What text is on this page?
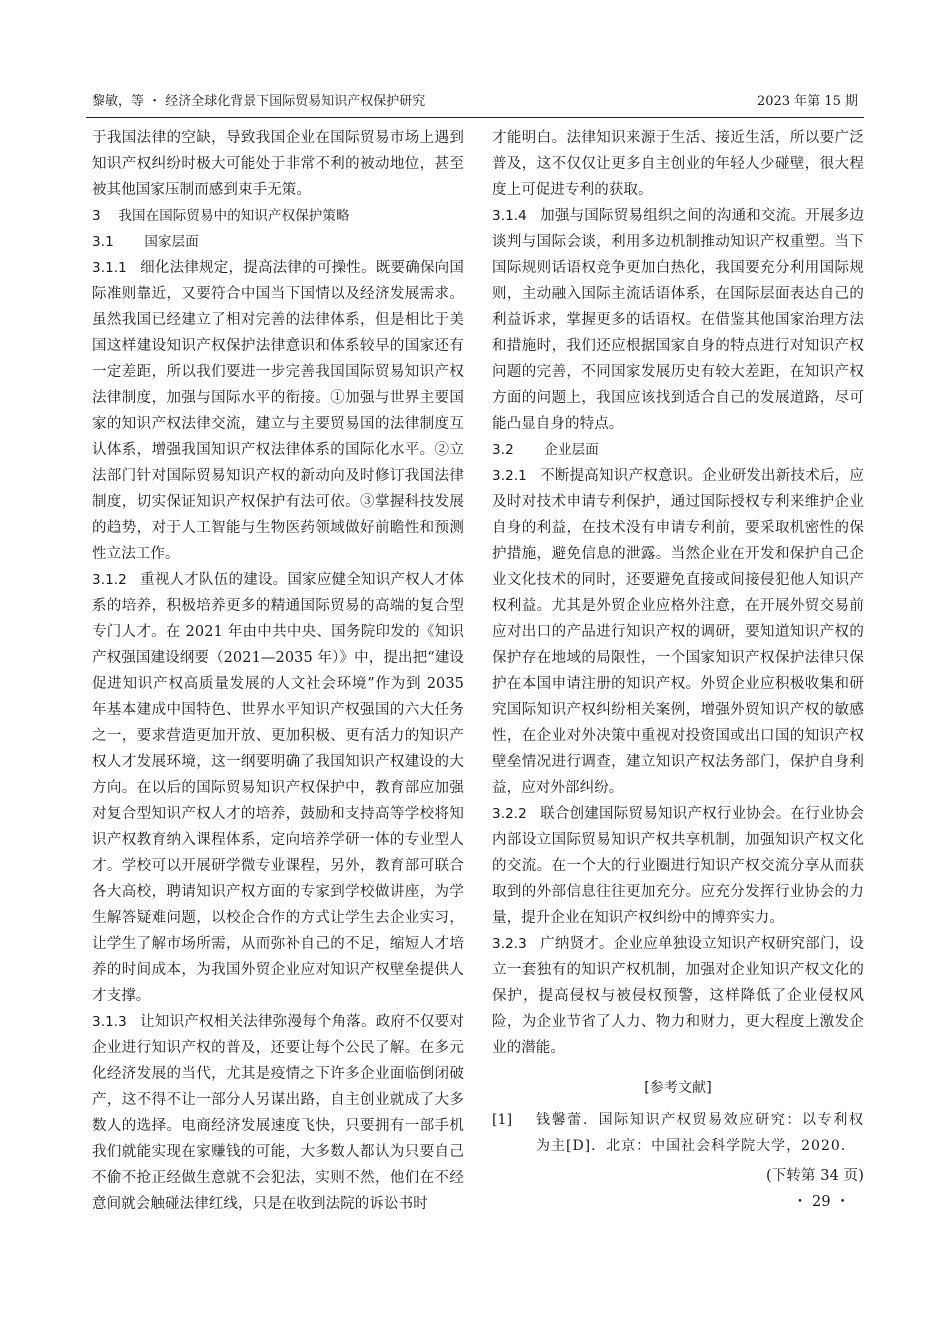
黎敏，等 ・ 经济全球化背景下国际贸易知识产权保护研究	2023 年第 15 期

于我国法律的空缺，导致我国企业在国际贸易市场上遇到知识产权纠纷时极大可能处于非常不利的被动地位，甚至被其他国家压制而感到束手无策。

3 我国在国际贸易中的知识产权保护策略

3.1 国家层面

3.1.1 细化法律规定，提高法律的可操性。既要确保向国际准则靠近，又要符合中国当下国情以及经济发展需求。虽然我国已经建立了相对完善的法律体系，但是相比于美国这样建设知识产权保护法律意识和体系较早的国家还有一定差距，所以我们要进一步完善我国国际贸易知识产权法律制度，加强与国际水平的衔接。①加强与世界主要国家的知识产权法律交流，建立与主要贸易国的法律制度互认体系，增强我国知识产权法律体系的国际化水平。②立法部门针对国际贸易知识产权的新动向及时修订我国法律制度，切实保证知识产权保护有法可依。③掌握科技发展的趋势，对于人工智能与生物医药领域做好前瞻性和预测性立法工作。

3.1.2 重视人才队伍的建设。国家应健全知识产权人才体系的培养，积极培养更多的精通国际贸易的高端的复合型专门人才。在 2021 年由中共中央、国务院印发的《知识产权强国建设纲要（2021—2035 年）》中，提出把“建设促进知识产权高质量发展的人文社会环境”作为到 2035 年基本建成中国特色、世界水平知识产权强国的六大任务之一，要求营造更加开放、更加积极、更有活力的知识产权人才发展环境，这一纲要明确了我国知识产权建设的大方向。在以后的国际贸易知识产权保护中，教育部应加强对复合型知识产权人才的培养，鼓励和支持高等学校将知识产权教育纳入课程体系，定向培养学研一体的专业型人才。学校可以开展研学微专业课程，另外，教育部可联合各大高校，聘请知识产权方面的专家到学校做讲座，为学生解答疑难问题，以校企合作的方式让学生去企业实习，让学生了解市场所需，从而弥补自己的不足，缩短人才培养的时间成本，为我国外贸企业应对知识产权壁垒提供人才支撑。

3.1.3 让知识产权相关法律弥漫每个角落。政府不仅要对企业进行知识产权的普及，还要让每个公民了解。在多元化经济发展的当代，尤其是疫情之下许多企业面临倒闭破产，这不得不让一部分人另谋出路，自主创业就成了大多数人的选择。电商经济发展速度飞快，只要拥有一部手机我们就能实现在家赚钱的可能，大多数人都认为只要自己不偷不抢正经做生意就不会犯法，实则不然，他们在不经意间就会触碰法律红线，只是在收到法院的诉讼书时

才能明白。法律知识来源于生活、接近生活，所以要广泛普及，这不仅仅让更多自主创业的年轻人少碰壁，很大程度上可促进专利的获取。

3.1.4 加强与国际贸易组织之间的沟通和交流。开展多边谈判与国际会谈，利用多边机制推动知识产权重塑。当下国际规则话语权竞争更加白热化，我国要充分利用国际规则，主动融入国际主流话语体系，在国际层面表达自己的利益诉求，掌握更多的话语权。在借鉴其他国家治理方法和措施时，我们还应根据国家自身的特点进行对知识产权问题的完善，不同国家发展历史有较大差距，在知识产权方面的问题上，我国应该找到适合自己的发展道路，尽可能凸显自身的特点。

3.2 企业层面

3.2.1 不断提高知识产权意识。企业研发出新技术后，应及时对技术申请专利保护，通过国际授权专利来维护企业自身的利益，在技术没有申请专利前，要采取机密性的保护措施，避免信息的泄露。当然企业在开发和保护自己企业文化技术的同时，还要避免直接或间接侵犯他人知识产权利益。尤其是外贸企业应格外注意，在开展外贸交易前应对出口的产品进行知识产权的调研，要知道知识产权的保护存在地域的局限性，一个国家知识产权保护法律只保护在本国申请注册的知识产权。外贸企业应积极收集和研究国际知识产权纠纷相关案例，增强外贸知识产权的敏感性，在企业对外决策中重视对投资国或出口国的知识产权壁垒情况进行调查，建立知识产权法务部门，保护自身利益，应对外部纠纷。

3.2.2 联合创建国际贸易知识产权行业协会。在行业协会内部设立国际贸易知识产权共享机制，加强知识产权文化的交流。在一个大的行业圈进行知识产权交流分享从而获取到的外部信息往往更加充分。应充分发挥行业协会的力量，提升企业在知识产权纠纷中的博弈实力。

3.2.3 广纳贤才。企业应单独设立知识产权研究部门，设立一套独有的知识产权机制，加强对企业知识产权文化的保护，提高侵权与被侵权预警，这样降低了企业侵权风险，为企业节省了人力、物力和财力，更大程度上激发企业的潜能。

[参考文献]
[1]	钱馨蕾．国际知识产权贸易效应研究：以专利权为主[D]．北京：中国社会科学院大学，2020.
(下转第 34 页)
・ 29 ・
